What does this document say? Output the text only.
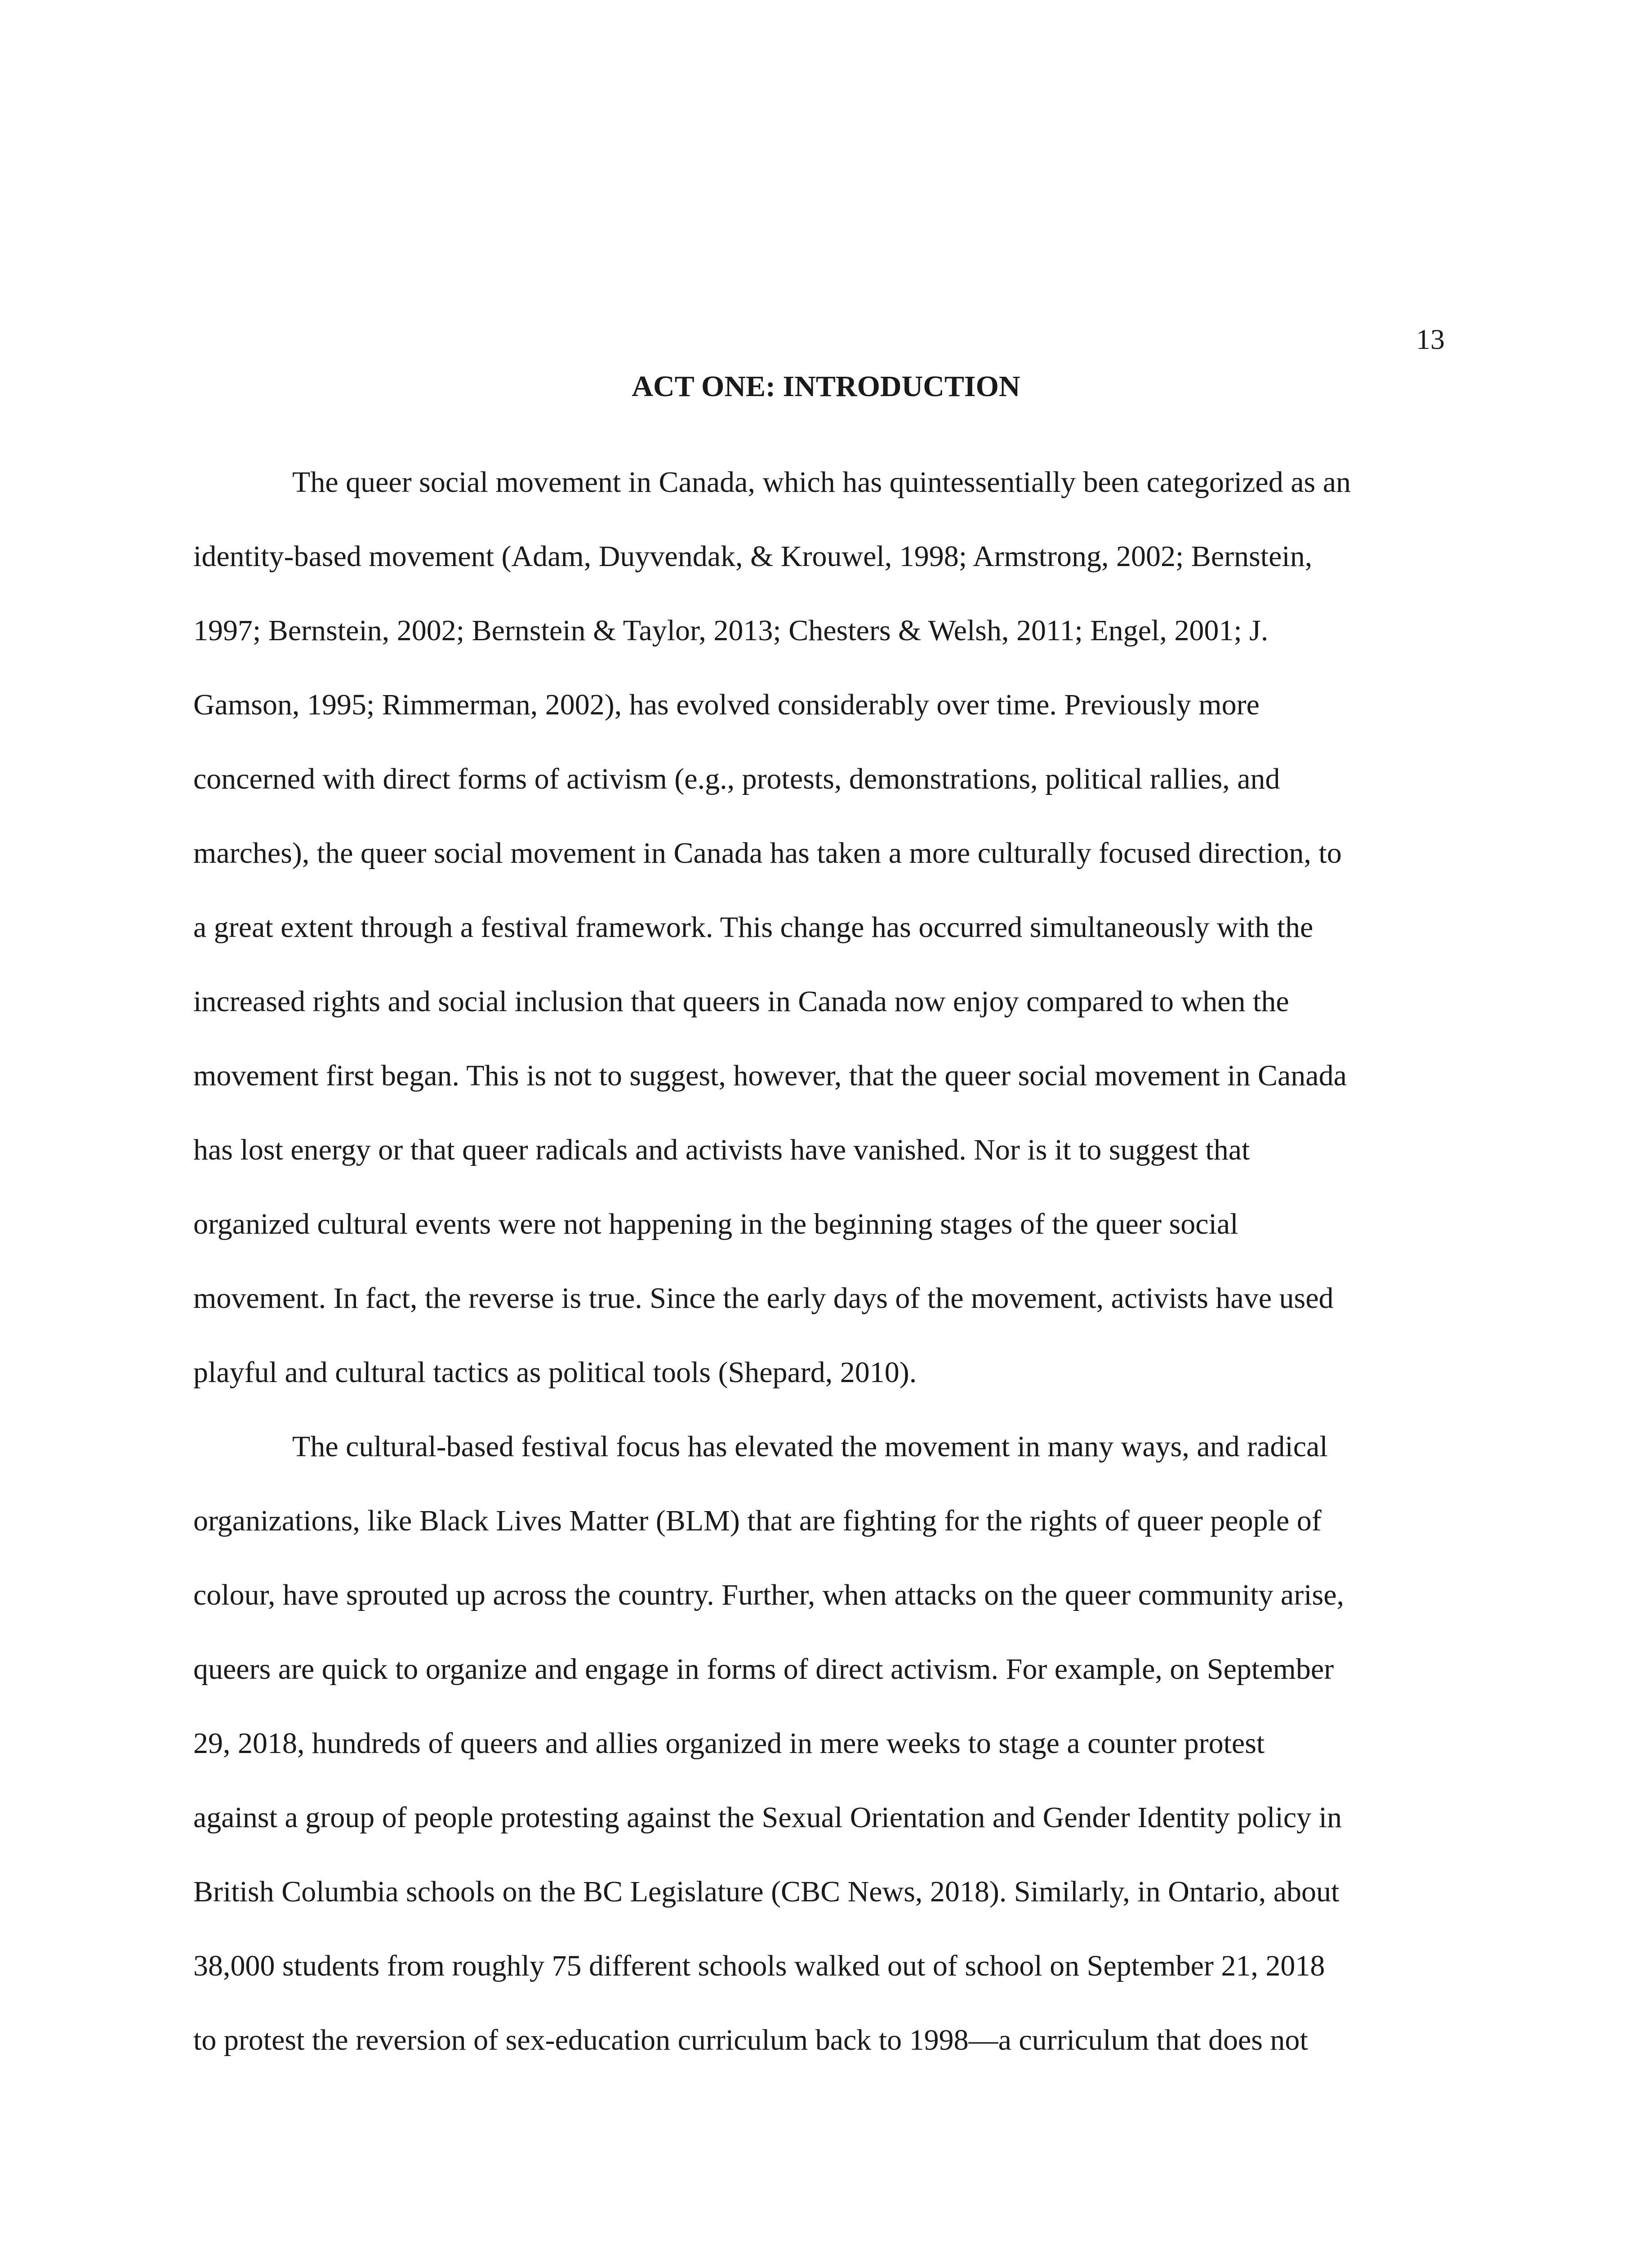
13
ACT ONE: INTRODUCTION
The queer social movement in Canada, which has quintessentially been categorized as an
identity-based movement (Adam, Duyvendak, & Krouwel, 1998; Armstrong, 2002; Bernstein,
1997; Bernstein, 2002; Bernstein & Taylor, 2013; Chesters & Welsh, 2011; Engel, 2001; J.
Gamson, 1995; Rimmerman, 2002), has evolved considerably over time. Previously more
concerned with direct forms of activism (e.g., protests, demonstrations, political rallies, and
marches), the queer social movement in Canada has taken a more culturally focused direction, to
a great extent through a festival framework. This change has occurred simultaneously with the
increased rights and social inclusion that queers in Canada now enjoy compared to when the
movement first began. This is not to suggest, however, that the queer social movement in Canada
has lost energy or that queer radicals and activists have vanished. Nor is it to suggest that
organized cultural events were not happening in the beginning stages of the queer social
movement. In fact, the reverse is true. Since the early days of the movement, activists have used
playful and cultural tactics as political tools (Shepard, 2010).
The cultural-based festival focus has elevated the movement in many ways, and radical
organizations, like Black Lives Matter (BLM) that are fighting for the rights of queer people of
colour, have sprouted up across the country. Further, when attacks on the queer community arise,
queers are quick to organize and engage in forms of direct activism. For example, on September
29, 2018, hundreds of queers and allies organized in mere weeks to stage a counter protest
against a group of people protesting against the Sexual Orientation and Gender Identity policy in
British Columbia schools on the BC Legislature (CBC News, 2018). Similarly, in Ontario, about
38,000 students from roughly 75 different schools walked out of school on September 21, 2018
to protest the reversion of sex-education curriculum back to 1998—a curriculum that does not
